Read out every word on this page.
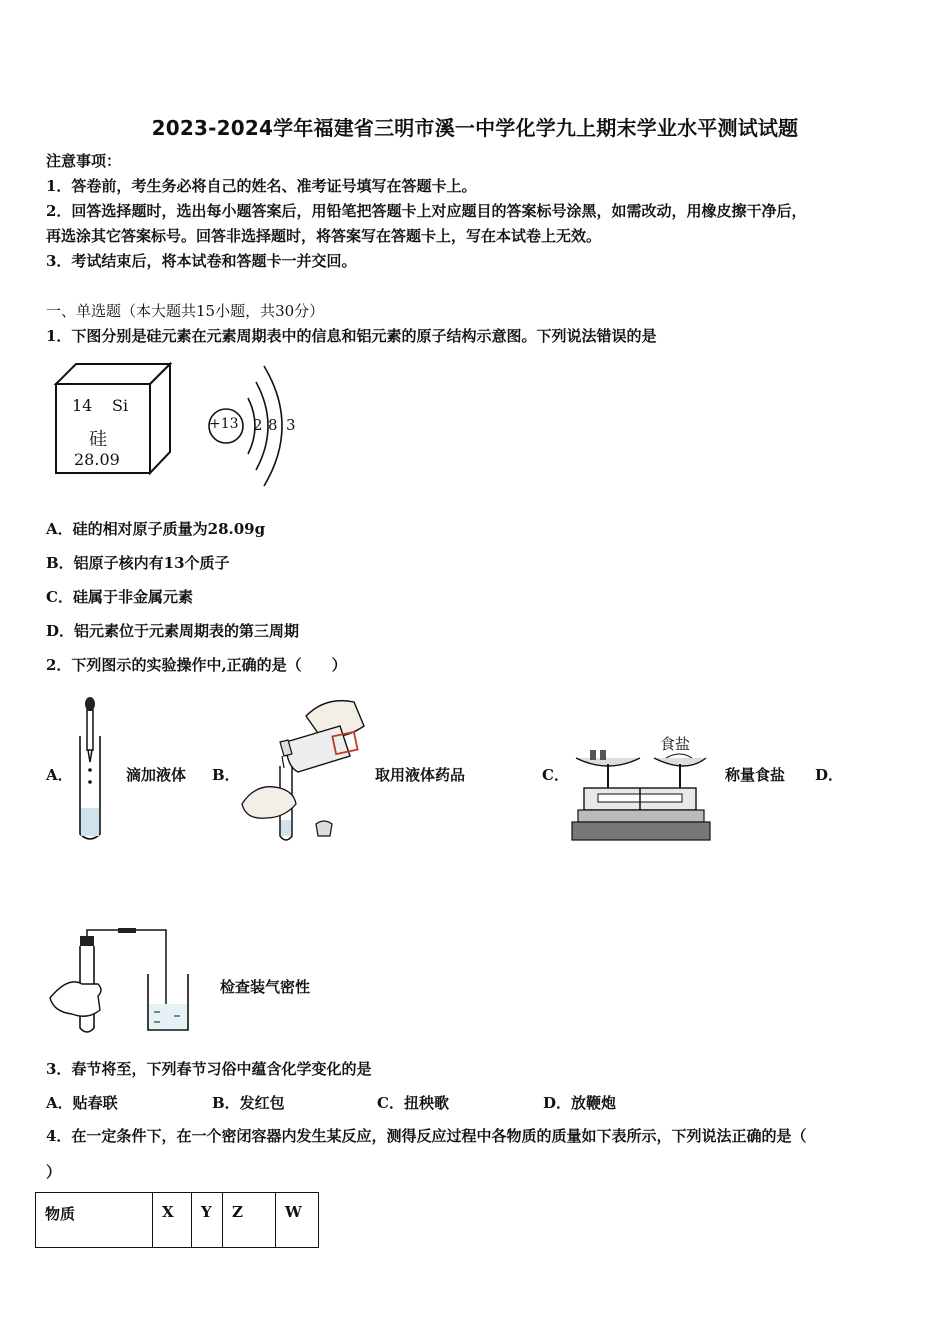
2023-2024学年福建省三明市溪一中学化学九上期末学业水平测试试题
注意事项：
1．答卷前，考生务必将自己的姓名、准考证号填写在答题卡上。
2．回答选择题时，选出每小题答案后，用铅笔把答题卡上对应题目的答案标号涂黑，如需改动，用橡皮擦干净后，
再选涂其它答案标号。回答非选择题时，将答案写在答题卡上，写在本试卷上无效。
3．考试结束后，将本试卷和答题卡一并交回。
一、单选题（本大题共15小题，共30分）
1．下图分别是硅元素在元素周期表中的信息和铝元素的原子结构示意图。下列说法错误的是
14 Si
硅
28.09
+13 2 8 3
A．硅的相对原子质量为28.09g
B．铝原子核内有13个质子
C．硅属于非金属元素
D．铝元素位于元素周期表的第三周期
2．下列图示的实验操作中,正确的是（　　）
A．	滴加液体 B．	取用液体药品	C．
食盐
称量食盐 D．
检查装气密性
3．春节将至，下列春节习俗中蕴含化学变化的是
A．贴春联	B．发红包	C．扭秧歌	D．放鞭炮
4．在一定条件下，在一个密闭容器内发生某反应，测得反应过程中各物质的质量如下表所示，下列说法正确的是（
）
物质	X	Y	Z	W
